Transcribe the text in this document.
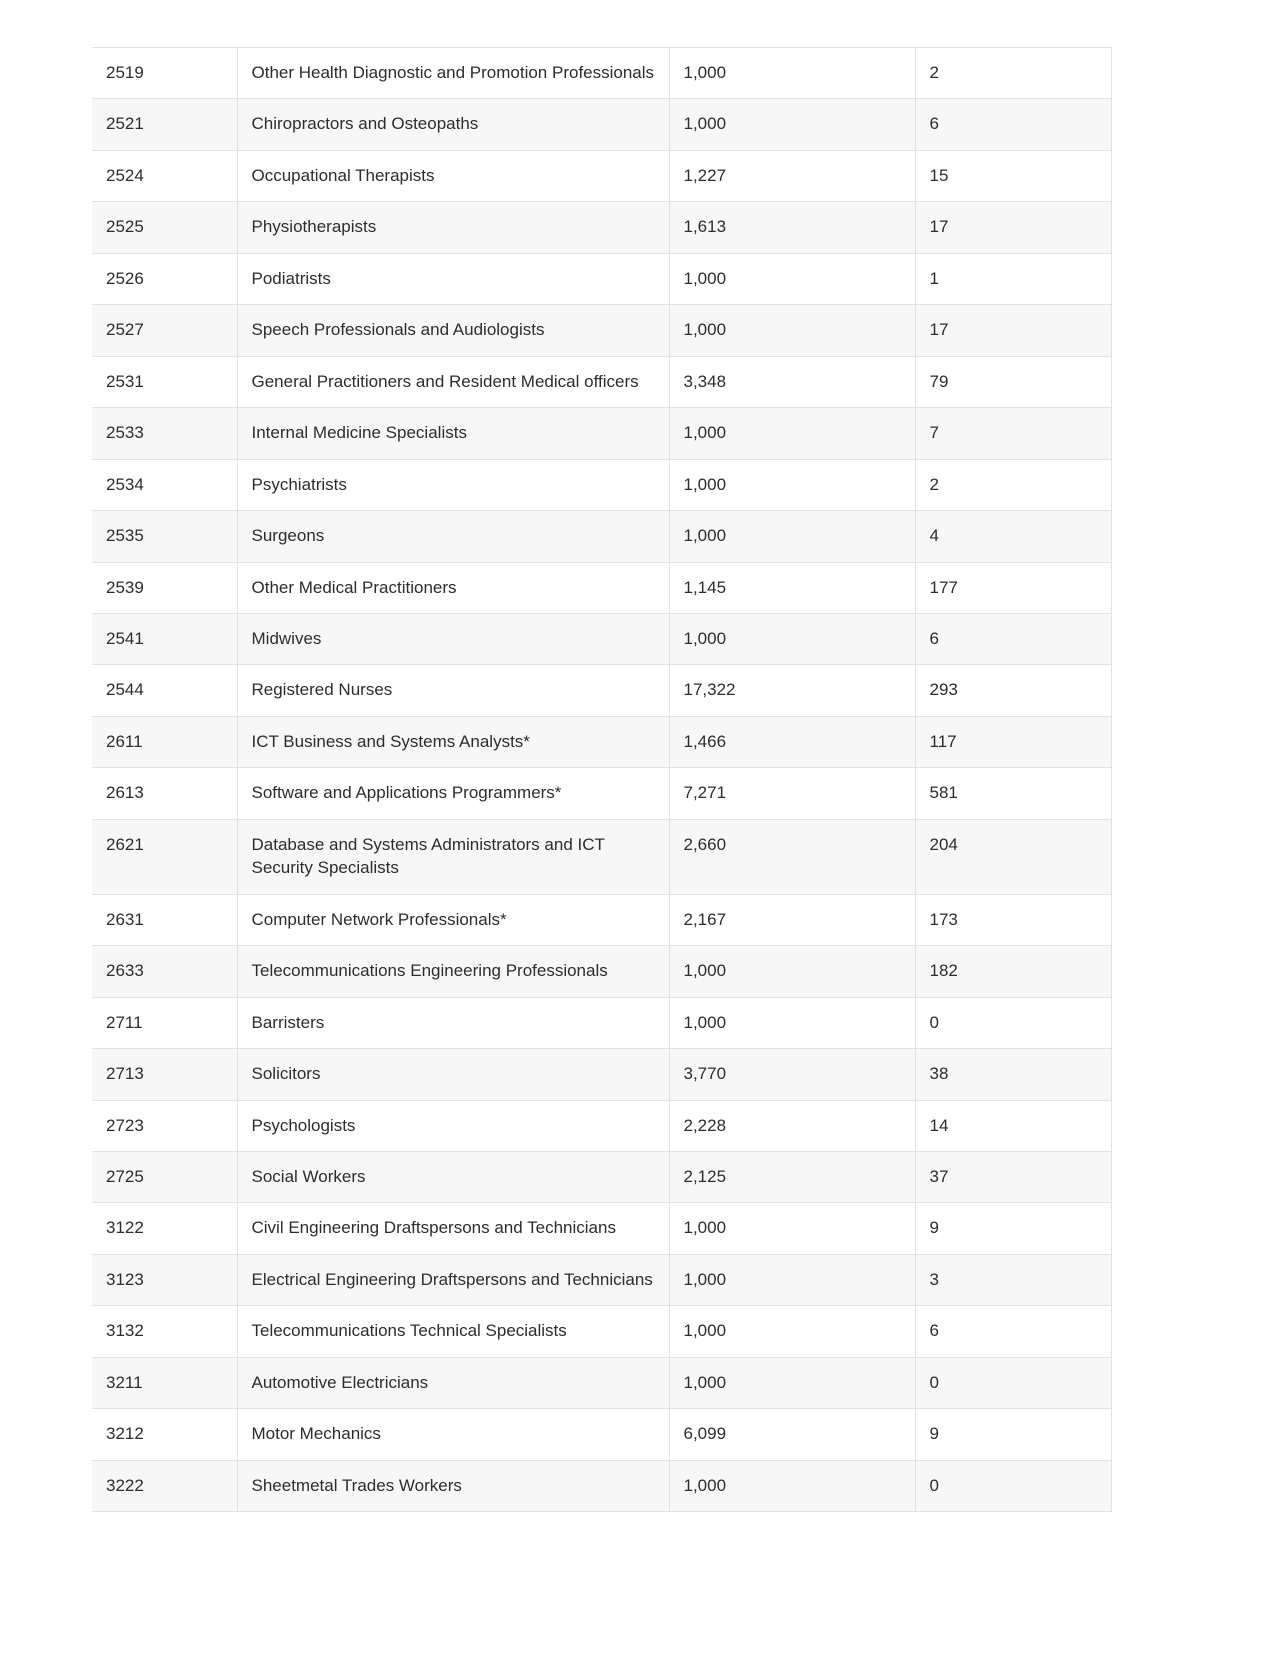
2519	Other Health Diagnostic and Promotion Professionals	1,000	2

2521	Chiropractors and Osteopaths	1,000	6

2524	Occupational Therapists	1,227	15

2525	Physiotherapists	1,613	17

2526	Podiatrists	1,000	1

2527	Speech Professionals and Audiologists	1,000	17

2531	General Practitioners and Resident Medical officers	3,348	79

2533	Internal Medicine Specialists	1,000	7

2534	Psychiatrists	1,000	2

2535	Surgeons	1,000	4

2539	Other Medical Practitioners	1,145	177

2541	Midwives	1,000	6

2544	Registered Nurses	17,322	293

2611	ICT Business and Systems Analysts*	1,466	117

2613	Software and Applications Programmers*	7,271	581

2621	Database and Systems Administrators and ICT Security Specialists	2,660	204

2631	Computer Network Professionals*	2,167	173

2633	Telecommunications Engineering Professionals	1,000	182

2711	Barristers	1,000	0

2713	Solicitors	3,770	38

2723	Psychologists	2,228	14

2725	Social Workers	2,125	37

3122	Civil Engineering Draftspersons and Technicians	1,000	9

3123	Electrical Engineering Draftspersons and Technicians	1,000	3

3132	Telecommunications Technical Specialists	1,000	6

3211	Automotive Electricians	1,000	0

3212	Motor Mechanics	6,099	9

3222	Sheetmetal Trades Workers	1,000	0
